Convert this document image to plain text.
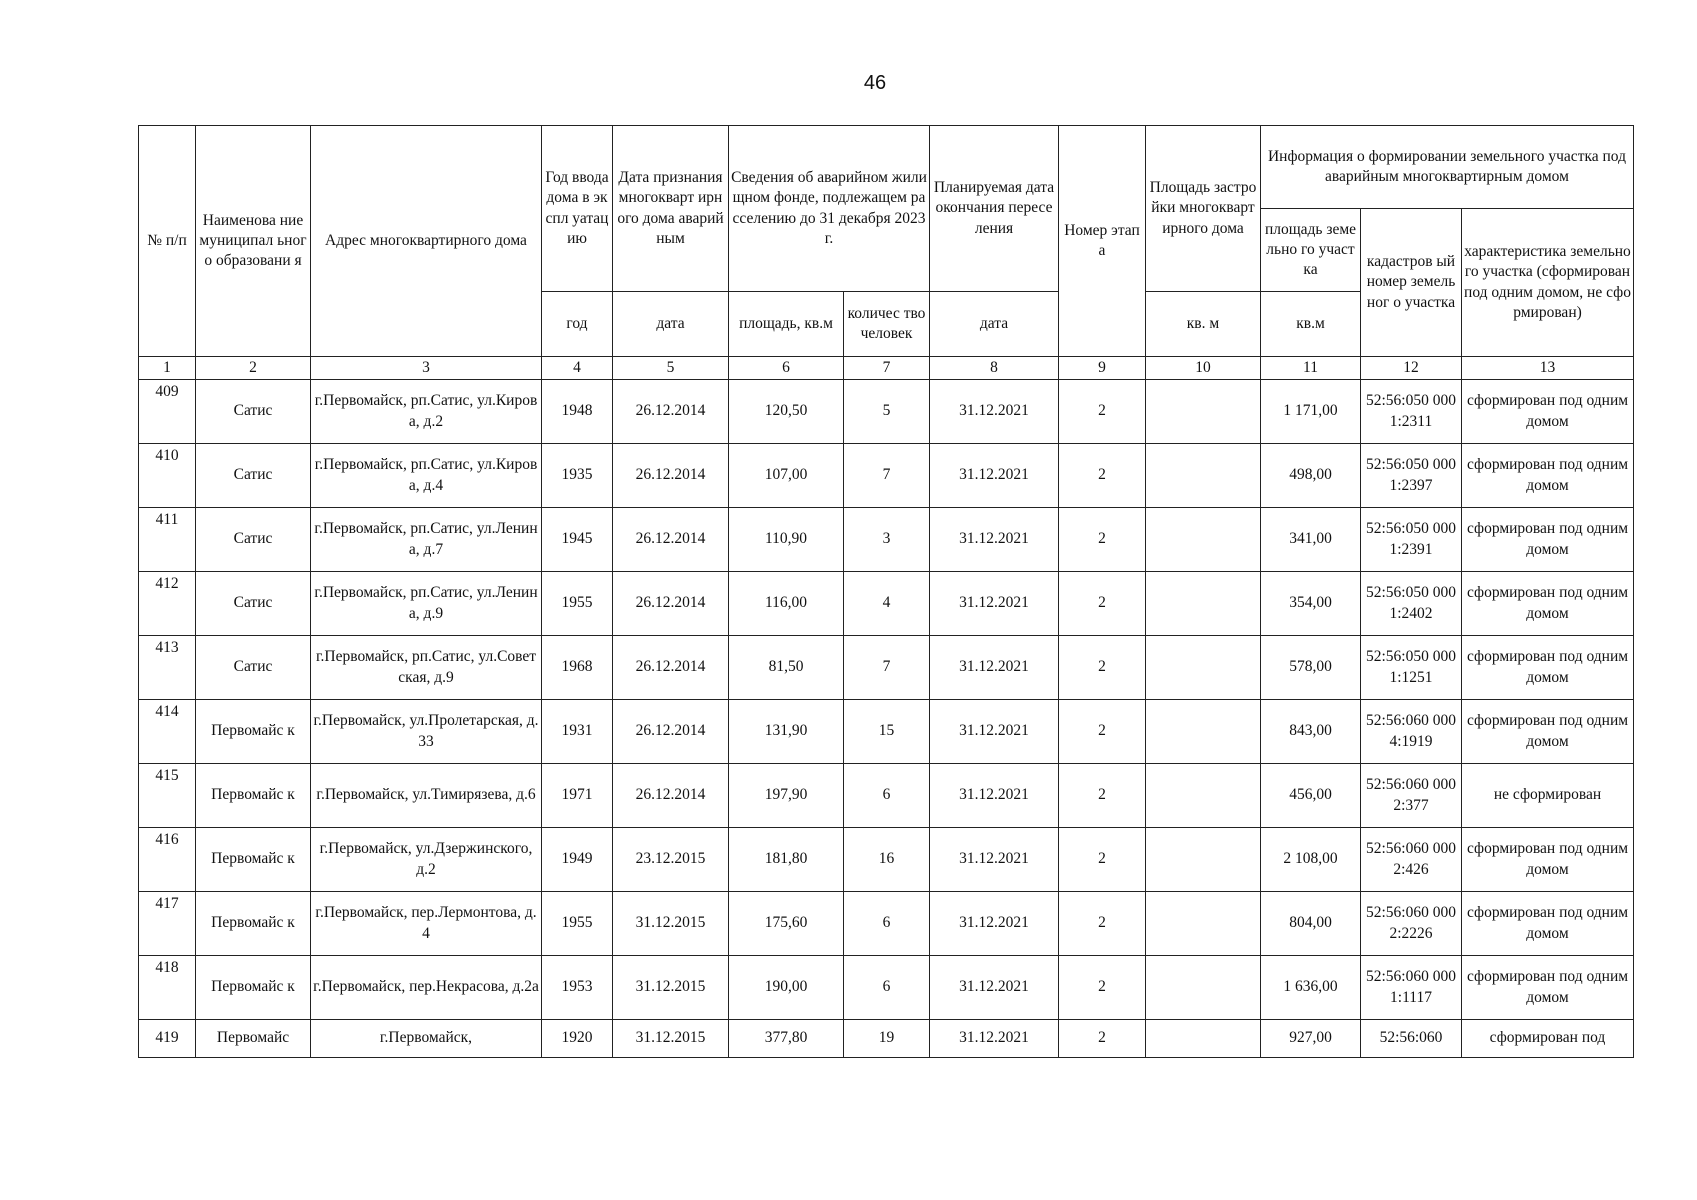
46
№ п/п	Наименова ние муниципал ьного образовани я	Адрес многоквартирного дома	Год ввода дома в экспл уатац ию	Дата признания многокварт ирного дома аварийным	Сведения об аварийном жилищном фонде, подлежащем расселению до 31 декабря 2023 г.		Планируемая дата окончания переселения	Номер этапа	Площадь застройки многокварт ирного дома	Информация о формировании земельного участка под аварийным многоквартирным домом		
										площадь земельно го участка	кадастров ый номер земельног о участка	характеристика земельного участка (сформирован под одним домом, не сформирован)
			год	дата	площадь, кв.м	количес тво человек	дата		кв. м	кв.м		
1	2	3	4	5	6	7	8	9	10	11	12	13
409	Сатис	г.Первомайск, рп.Сатис, ул.Кирова, д.2	1948	26.12.2014	120,50	5	31.12.2021	2		1 171,00	52:56:050 0001:2311	сформирован под одним домом
410	Сатис	г.Первомайск, рп.Сатис, ул.Кирова, д.4	1935	26.12.2014	107,00	7	31.12.2021	2		498,00	52:56:050 0001:2397	сформирован под одним домом
411	Сатис	г.Первомайск, рп.Сатис, ул.Ленина, д.7	1945	26.12.2014	110,90	3	31.12.2021	2		341,00	52:56:050 0001:2391	сформирован под одним домом
412	Сатис	г.Первомайск, рп.Сатис, ул.Ленина, д.9	1955	26.12.2014	116,00	4	31.12.2021	2		354,00	52:56:050 0001:2402	сформирован под одним домом
413	Сатис	г.Первомайск, рп.Сатис, ул.Советская, д.9	1968	26.12.2014	81,50	7	31.12.2021	2		578,00	52:56:050 0001:1251	сформирован под одним домом
414	Первомайс к	г.Первомайск, ул.Пролетарская, д.33	1931	26.12.2014	131,90	15	31.12.2021	2		843,00	52:56:060 0004:1919	сформирован под одним домом
415	Первомайс к	г.Первомайск, ул.Тимирязева, д.6	1971	26.12.2014	197,90	6	31.12.2021	2		456,00	52:56:060 0002:377	не сформирован
416	Первомайс к	г.Первомайск, ул.Дзержинского, д.2	1949	23.12.2015	181,80	16	31.12.2021	2		2 108,00	52:56:060 0002:426	сформирован под одним домом
417	Первомайс к	г.Первомайск, пер.Лермонтова, д.4	1955	31.12.2015	175,60	6	31.12.2021	2		804,00	52:56:060 0002:2226	сформирован под одним домом
418	Первомайс к	г.Первомайск, пер.Некрасова, д.2а	1953	31.12.2015	190,00	6	31.12.2021	2		1 636,00	52:56:060 0001:1117	сформирован под одним домом
419	Первомайс	г.Первомайск,	1920	31.12.2015	377,80	19	31.12.2021	2		927,00	52:56:060	сформирован под
